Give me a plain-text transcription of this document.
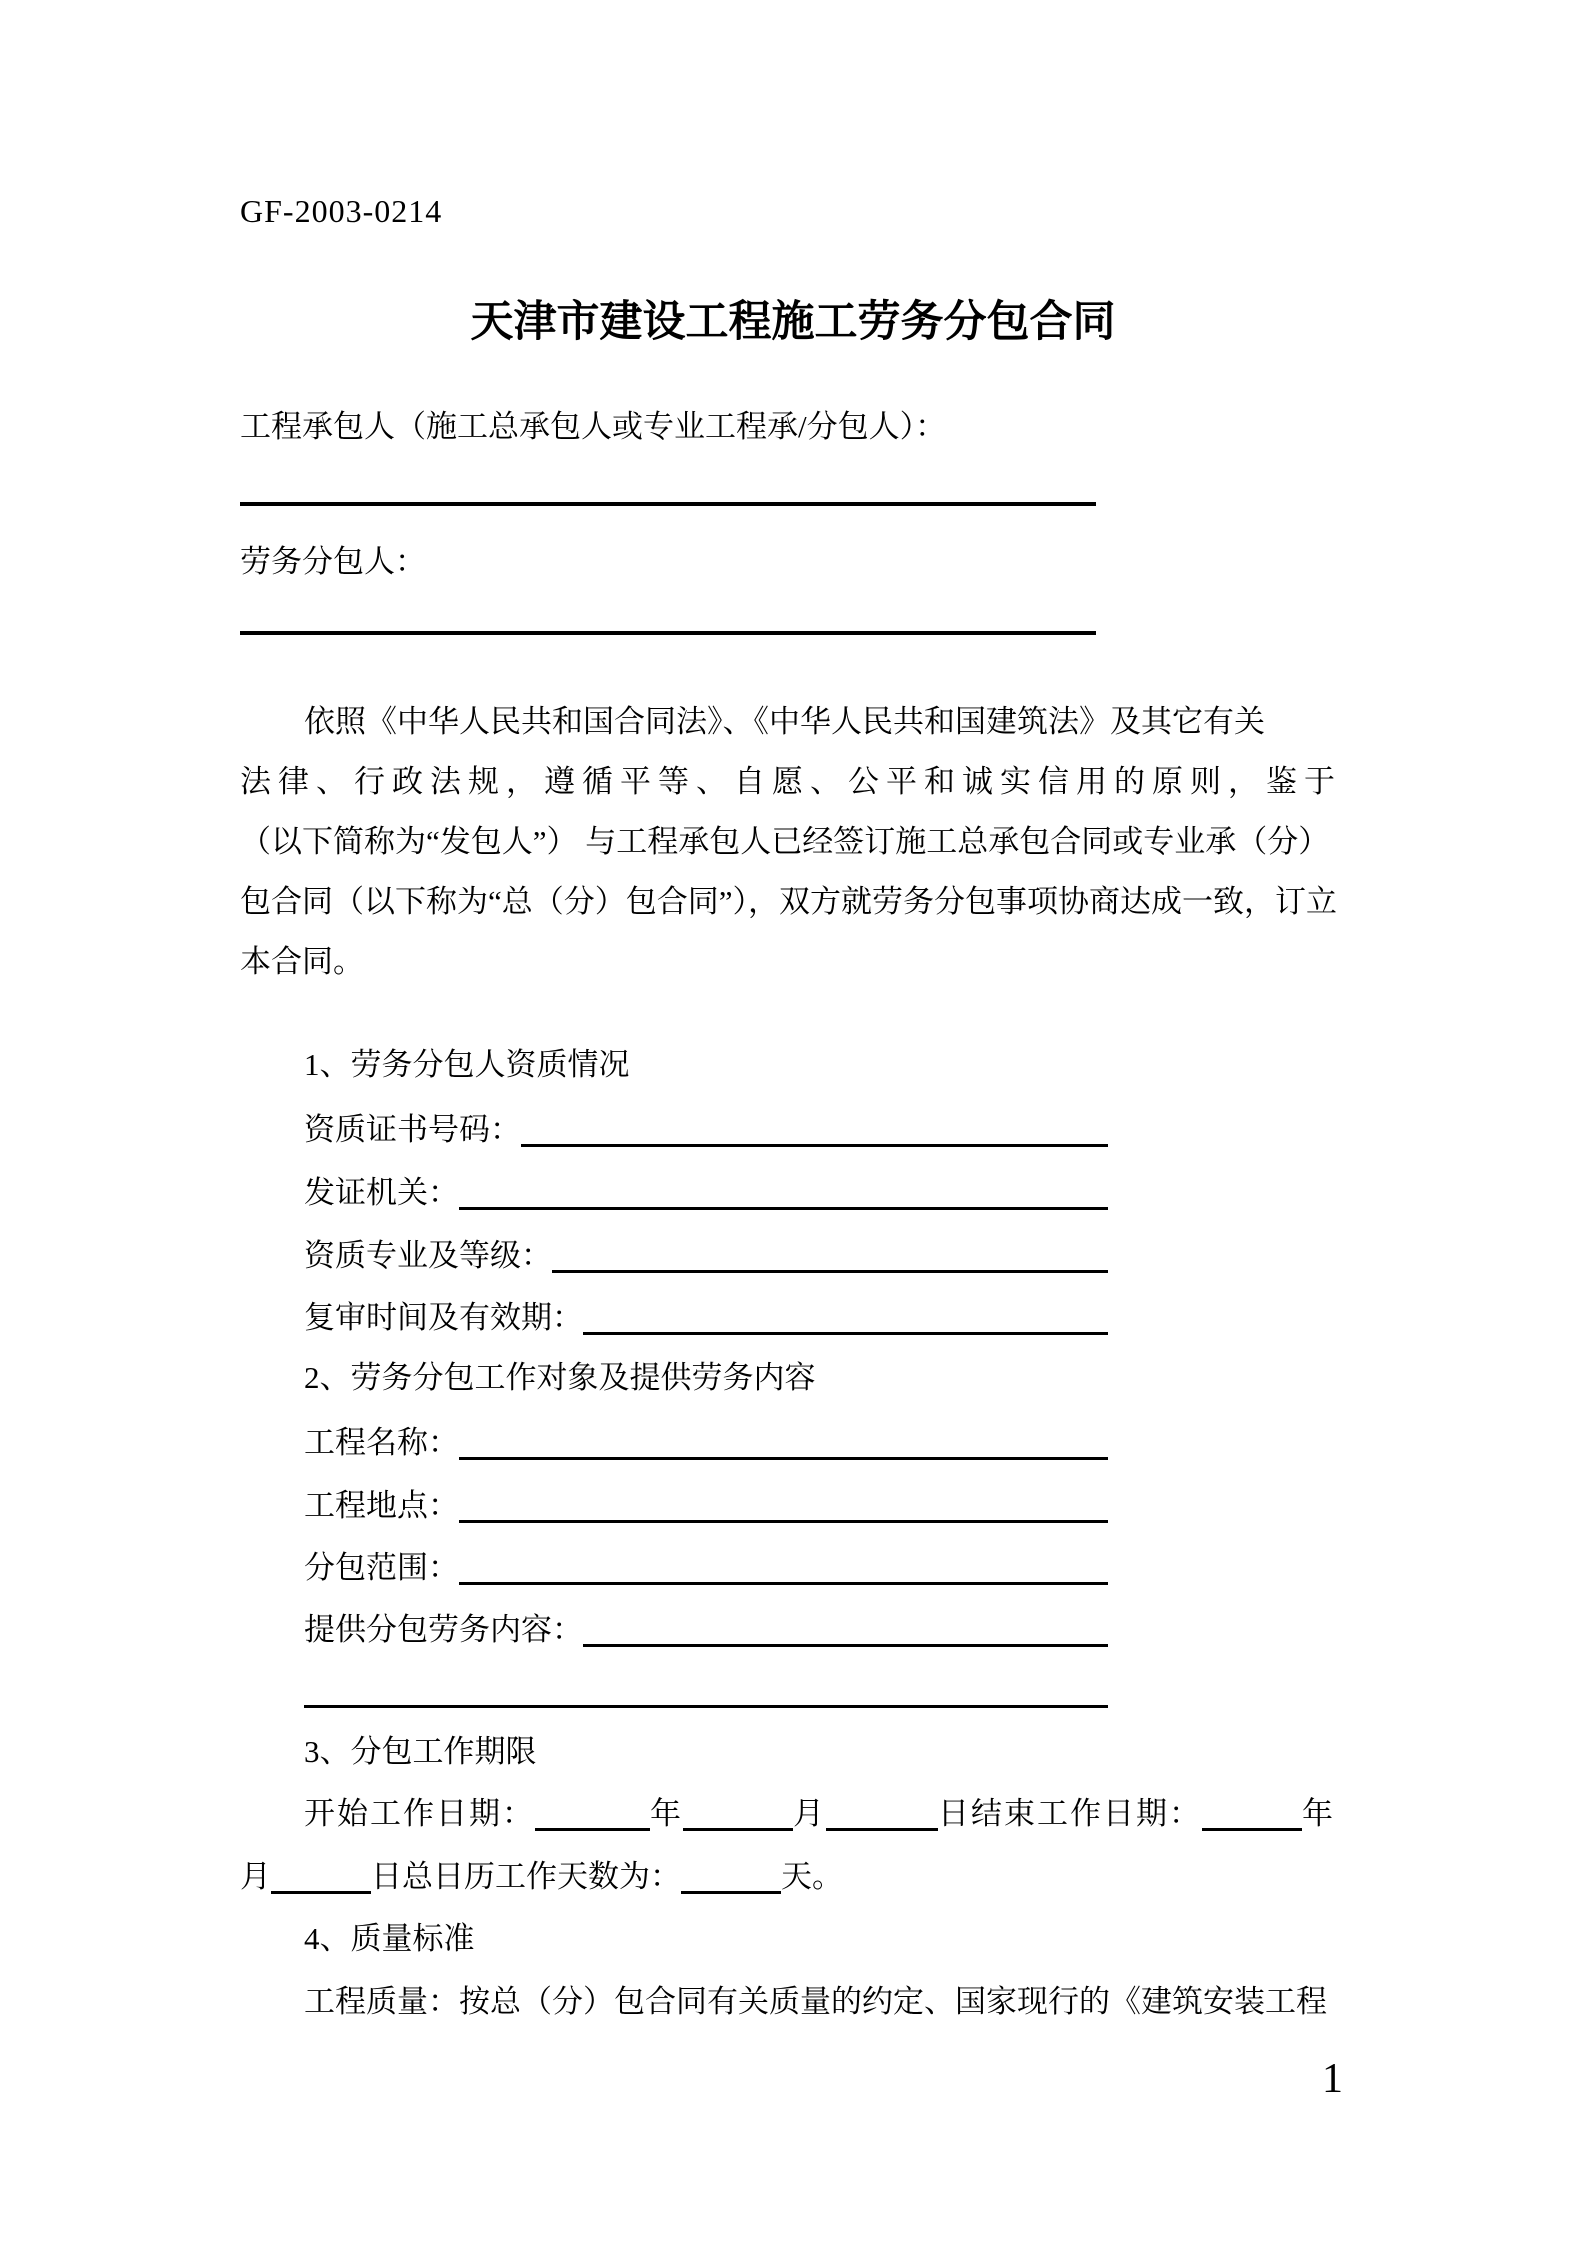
GF-2003-0214
天津市建设工程施工劳务分包合同
工程承包人（施工总承包人或专业工程承/分包人）：
劳务分包人：
依照《中华人民共和国合同法》、《中华人民共和国建筑法》及其它有关
法律、行政法规，遵循平等、自愿、公平和诚实信用的原则，鉴于
（以下简称为“发包人”） 与工程承包人已经签订施工总承包合同或专业承（分）
包合同（以下称为“总（分）包合同”），双方就劳务分包事项协商达成一致，订立
本合同。
1、劳务分包人资质情况
资质证书号码：
发证机关：
资质专业及等级：
复审时间及有效期：
2、劳务分包工作对象及提供劳务内容
工程名称：
工程地点：
分包范围：
提供分包劳务内容：
3、分包工作期限
开始工作日期：	年	月	日结束工作日期：	年
月	日总日历工作天数为：	天。
4、质量标准
工程质量：按总（分）包合同有关质量的约定、国家现行的《建筑安装工程
1
